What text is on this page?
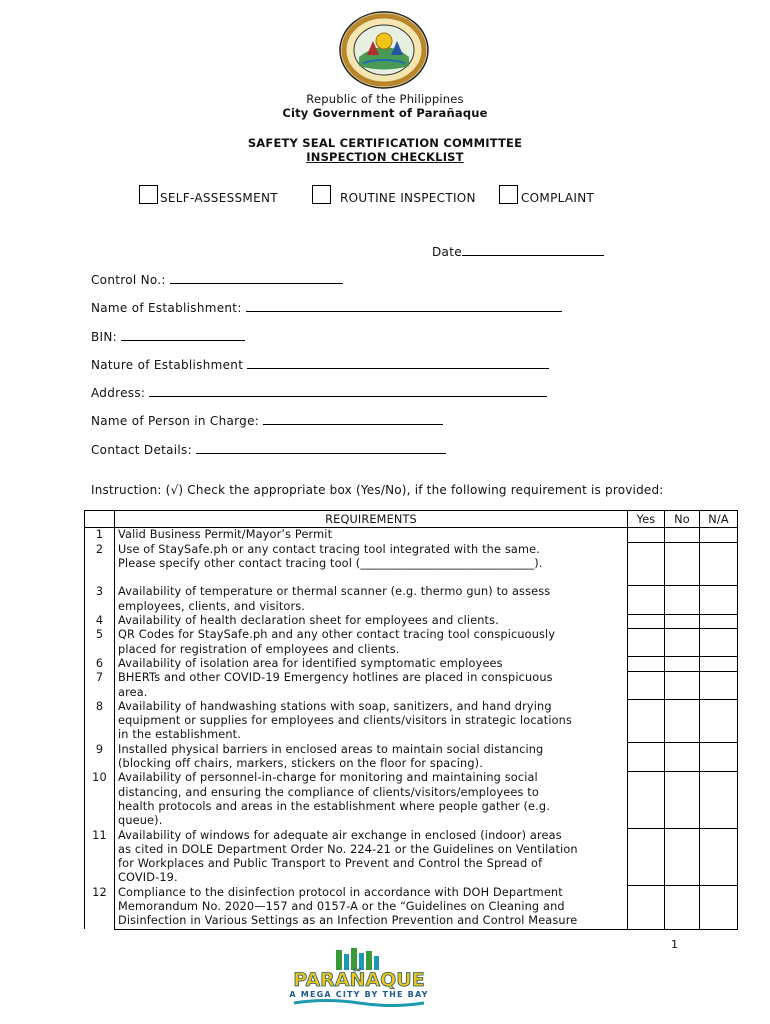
Republic of the Philippines
City Government of Parañaque
SAFETY SEAL CERTIFICATION COMMITTEE
INSPECTION CHECKLIST
SELF-ASSESSMENT	ROUTINE INSPECTION	COMPLAINT
Date
Control No.:
Name of Establishment:
BIN:
Nature of Establishment
Address:
Name of Person in Charge:
Contact Details:
Instruction: (√) Check the appropriate box (Yes/No), if the following requirement is provided:
	REQUIREMENTS	Yes	No	N/A
1	Valid Business Permit/Mayor’s Permit			
2	Use of StaySafe.ph or any contact tracing tool integrated with the same.			
	Please specify other contact tracing tool (______________________________).			

3	Availability of temperature or thermal scanner (e.g. thermo gun) to assess			
	employees, clients, and visitors.			
4	Availability of health declaration sheet for employees and clients.			
5	QR Codes for StaySafe.ph and any other contact tracing tool conspicuously			
	placed for registration of employees and clients.			
6	Availability of isolation area for identified symptomatic employees			
7	BHERTs and other COVID-19 Emergency hotlines are placed in conspicuous			
	area.			
8	Availability of handwashing stations with soap, sanitizers, and hand drying			
	equipment or supplies for employees and clients/visitors in strategic locations			
	in the establishment.			
9	Installed physical barriers in enclosed areas to maintain social distancing			
	(blocking off chairs, markers, stickers on the floor for spacing).			
10	Availability of personnel-in-charge for monitoring and maintaining social			
	distancing, and ensuring the compliance of clients/visitors/employees to			
	health protocols and areas in the establishment where people gather (e.g.			
	queue).			
11	Availability of windows for adequate air exchange in enclosed (indoor) areas			
	as cited in DOLE Department Order No. 224-21 or the Guidelines on Ventilation			
	for Workplaces and Public Transport to Prevent and Control the Spread of			
	COVID-19.			
12	Compliance to the disinfection protocol in accordance with DOH Department			
	Memorandum No. 2020—157 and 0157-A or the “Guidelines on Cleaning and			
	Disinfection in Various Settings as an Infection Prevention and Control Measure			
1
PARAÑAQUE
A MEGA CITY BY THE BAY
